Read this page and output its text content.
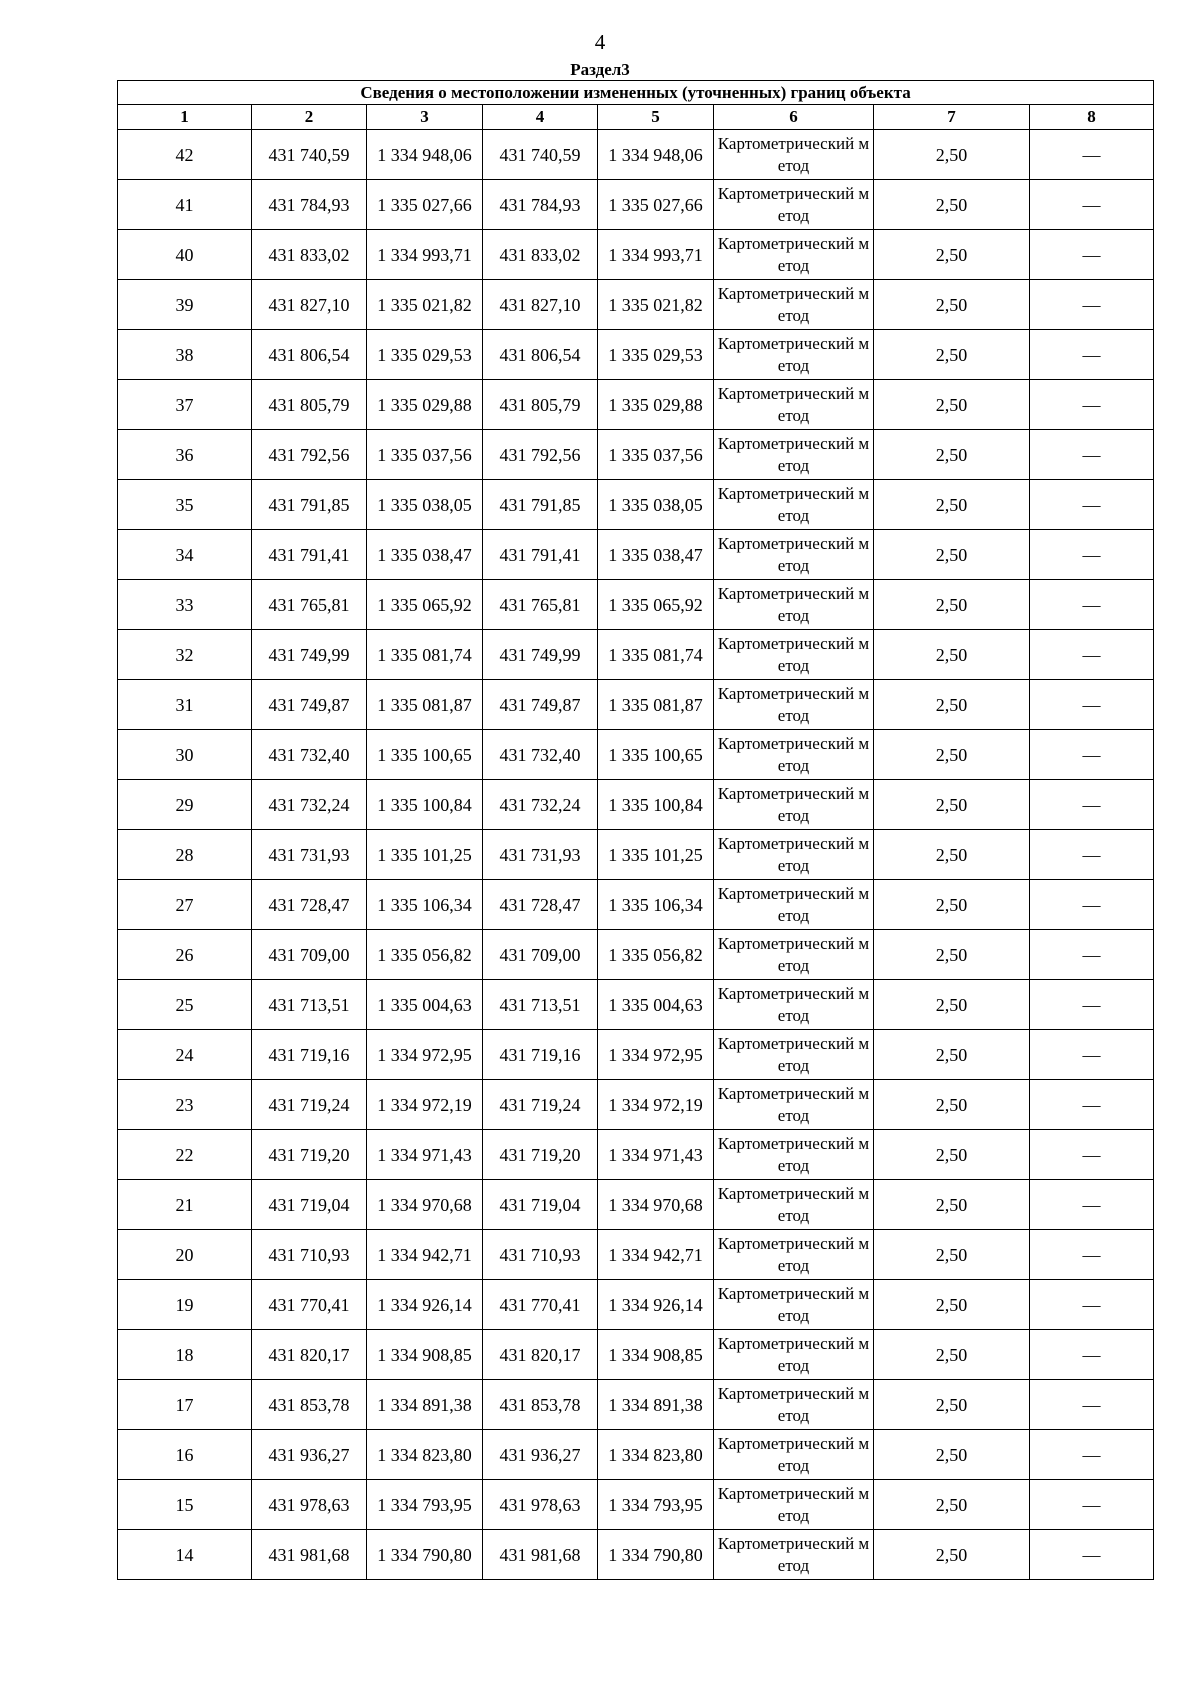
4
Раздел3
Сведения о местоположении измененных (уточненных) границ объекта							
1	2	3	4	5	6	7	8
42	431 740,59	1 334 948,06	431 740,59	1 334 948,06	Картометрический метод	2,50	—
41	431 784,93	1 335 027,66	431 784,93	1 335 027,66	Картометрический метод	2,50	—
40	431 833,02	1 334 993,71	431 833,02	1 334 993,71	Картометрический метод	2,50	—
39	431 827,10	1 335 021,82	431 827,10	1 335 021,82	Картометрический метод	2,50	—
38	431 806,54	1 335 029,53	431 806,54	1 335 029,53	Картометрический метод	2,50	—
37	431 805,79	1 335 029,88	431 805,79	1 335 029,88	Картометрический метод	2,50	—
36	431 792,56	1 335 037,56	431 792,56	1 335 037,56	Картометрический метод	2,50	—
35	431 791,85	1 335 038,05	431 791,85	1 335 038,05	Картометрический метод	2,50	—
34	431 791,41	1 335 038,47	431 791,41	1 335 038,47	Картометрический метод	2,50	—
33	431 765,81	1 335 065,92	431 765,81	1 335 065,92	Картометрический метод	2,50	—
32	431 749,99	1 335 081,74	431 749,99	1 335 081,74	Картометрический метод	2,50	—
31	431 749,87	1 335 081,87	431 749,87	1 335 081,87	Картометрический метод	2,50	—
30	431 732,40	1 335 100,65	431 732,40	1 335 100,65	Картометрический метод	2,50	—
29	431 732,24	1 335 100,84	431 732,24	1 335 100,84	Картометрический метод	2,50	—
28	431 731,93	1 335 101,25	431 731,93	1 335 101,25	Картометрический метод	2,50	—
27	431 728,47	1 335 106,34	431 728,47	1 335 106,34	Картометрический метод	2,50	—
26	431 709,00	1 335 056,82	431 709,00	1 335 056,82	Картометрический метод	2,50	—
25	431 713,51	1 335 004,63	431 713,51	1 335 004,63	Картометрический метод	2,50	—
24	431 719,16	1 334 972,95	431 719,16	1 334 972,95	Картометрический метод	2,50	—
23	431 719,24	1 334 972,19	431 719,24	1 334 972,19	Картометрический метод	2,50	—
22	431 719,20	1 334 971,43	431 719,20	1 334 971,43	Картометрический метод	2,50	—
21	431 719,04	1 334 970,68	431 719,04	1 334 970,68	Картометрический метод	2,50	—
20	431 710,93	1 334 942,71	431 710,93	1 334 942,71	Картометрический метод	2,50	—
19	431 770,41	1 334 926,14	431 770,41	1 334 926,14	Картометрический метод	2,50	—
18	431 820,17	1 334 908,85	431 820,17	1 334 908,85	Картометрический метод	2,50	—
17	431 853,78	1 334 891,38	431 853,78	1 334 891,38	Картометрический метод	2,50	—
16	431 936,27	1 334 823,80	431 936,27	1 334 823,80	Картометрический метод	2,50	—
15	431 978,63	1 334 793,95	431 978,63	1 334 793,95	Картометрический метод	2,50	—
14	431 981,68	1 334 790,80	431 981,68	1 334 790,80	Картометрический метод	2,50	—
